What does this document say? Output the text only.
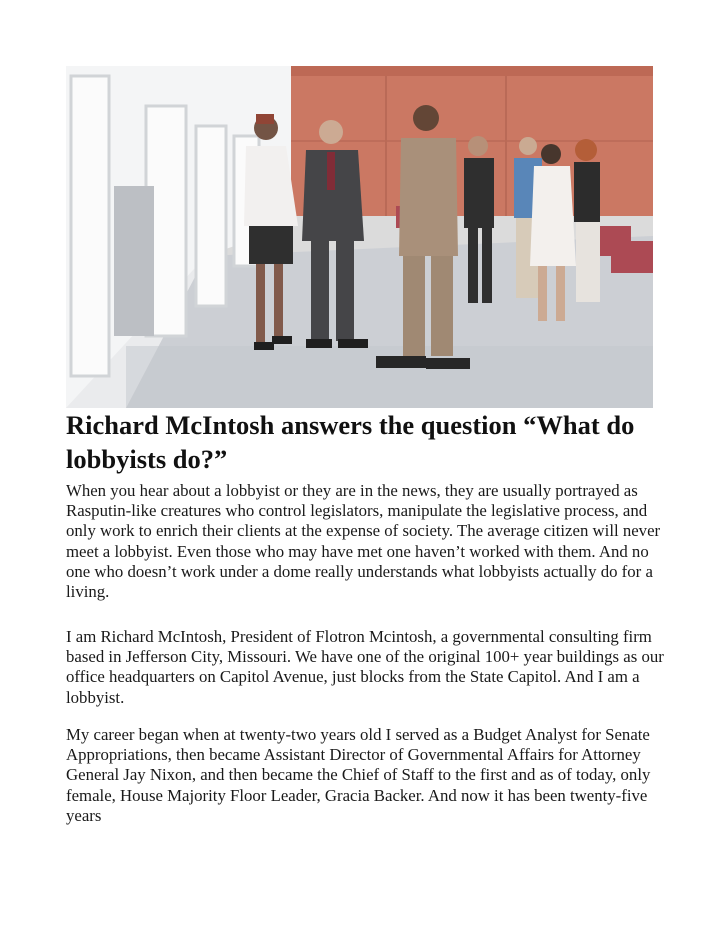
Richard McIntosh answers the question “What do lobbyists do?”

When you hear about a lobbyist or they are in the news, they are usually portrayed as Rasputin-like creatures who control legislators, manipulate the legislative process, and only work to enrich their clients at the expense of society. The average citizen will never meet a lobbyist. Even those who may have met one haven’t worked with them. And no one who doesn’t work under a dome really understands what lobbyists actually do for a living.

I am Richard McIntosh, President of Flotron Mcintosh, a governmental consulting firm based in Jefferson City, Missouri. We have one of the original 100+ year buildings as our office headquarters on Capitol Avenue, just blocks from the State Capitol. And I am a lobbyist.

My career began when at twenty-two years old I served as a Budget Analyst for Senate Appropriations, then became Assistant Director of Governmental Affairs for Attorney General Jay Nixon, and then became the Chief of Staff to the first and as of today, only female, House Majority Floor Leader, Gracia Backer. And now it has been twenty-five years
